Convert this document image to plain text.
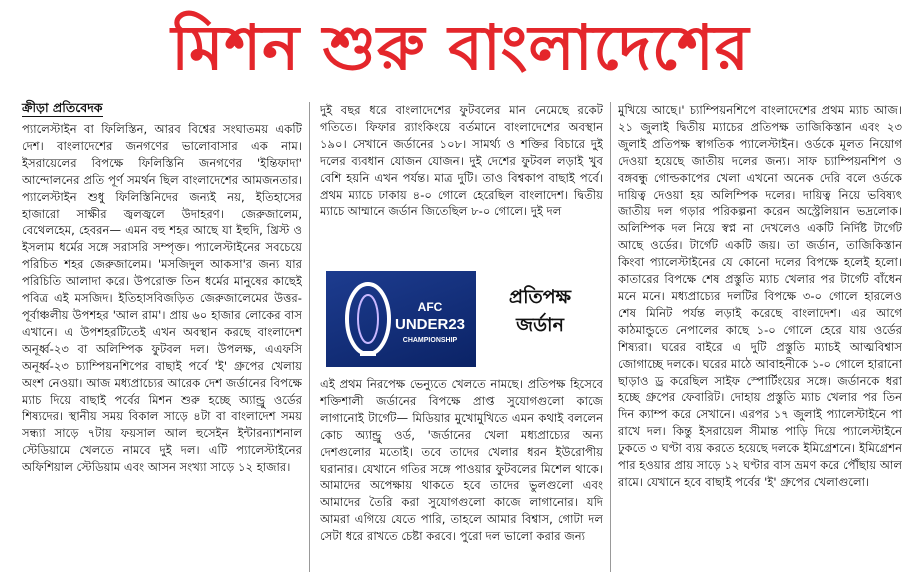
মিশন শুরু বাংলাদেশের
ক্রীড়া প্রতিবেদক

প্যালেস্টাইন বা ফিলিস্তিন, আরব বিশ্বের সংঘাতময় একটি দেশ। বাংলাদেশের জনগণের ভালোবাসার এক নাম। ইসরায়েলের বিপক্ষে ফিলিস্তিনি জনগণের 'ইন্তিফাদা' আন্দোলনের প্রতি পূর্ণ সমর্থন ছিল বাংলাদেশের আমজনতার। প্যালেস্টাইন শুধু ফিলিস্তিনিদের জন্যই নয়, ইতিহাসের হাজারো সাক্ষীর জ্বলজ্বলে উদাহরণ। জেরুজালেম, বেথেলহেম, হেবরন— এমন বহু শহর আছে যা ইহুদি, খ্রিস্ট ও ইসলাম ধর্মের সঙ্গে সরাসরি সম্পৃক্ত। প্যালেস্টাইনের সবচেয়ে পরিচিত শহর জেরুজালেম। 'মসজিদুল আকসা'র জন্য যার পরিচিতি আলাদা করে। উপরোক্ত তিন ধর্মের মানুষের কাছেই পবিত্র এই মসজিদ। ইতিহাসবিজড়িত জেরুজালেমের উত্তর-পূর্বাঞ্চলীয় উপশহর 'আল রাম'। প্রায় ৬০ হাজার লোকের বাস এখানে। এ উপশহরটিতেই এখন অবস্থান করছে বাংলাদেশ অনূর্ধ্ব-২৩ বা অলিম্পিক ফুটবল দল। উপলক্ষ, এএফসি অনূর্ধ্ব-২৩ চ্যাম্পিয়নশিপের বাছাই পর্বে 'ই' গ্রুপের খেলায় অংশ নেওয়া। আজ মধ্যপ্রাচ্যের আরেক দেশ জর্ডানের বিপক্ষে ম্যাচ দিয়ে বাছাই পর্বের মিশন শুরু হচ্ছে অ্যান্ড্রু ওর্ডের শিষ্যদের। স্থানীয় সময় বিকাল সাড়ে ৪টা বা বাংলাদেশ সময় সন্ধ্যা সাড়ে ৭টায় ফয়সাল আল হুসেইন ইন্টারন্যাশনাল স্টেডিয়ামে খেলতে নামবে দুই দল। এটি প্যালেস্টাইনের অফিশিয়াল স্টেডিয়াম এবং আসন সংখ্যা সাড়ে ১২ হাজার।

দুই বছর ধরে বাংলাদেশের ফুটবলের মান নেমেছে রকেট গতিতে। ফিফার র‍্যাংকিংয়ে বর্তমানে বাংলাদেশের অবস্থান ১৯০। সেখানে জর্ডানের ১০৮। সামর্থ্য ও শক্তির বিচারে দুই দলের ব্যবধান যোজন যোজন। দুই দেশের ফুটবল লড়াই খুব বেশি হয়নি এখন পর্যন্ত। মাত্র দুটি। তাও বিশ্বকাপ বাছাই পর্বে। প্রথম ম্যাচে ঢাকায় ৪-০ গোলে হেরেছিল বাংলাদেশ। দ্বিতীয় ম্যাচে আম্মানে জর্ডান জিতেছিল ৮-০ গোলে। দুই দল

AFC
UNDER23
CHAMPIONSHIP
প্রতিপক্ষ
জর্ডান

এই প্রথম নিরপেক্ষ ভেন্যুতে খেলতে নামছে। প্রতিপক্ষ হিসেবে শক্তিশালী জর্ডানের বিপক্ষে প্রাপ্ত সুযোগগুলো কাজে লাগানোই টার্গেট— মিডিয়ার মুখোমুখিতে এমন কথাই বললেন কোচ অ্যান্ড্রু ওর্ড, 'জর্ডানের খেলা মধ্যপ্রাচ্যের অন্য দেশগুলোর মতোই। তবে তাদের খেলার ধরন ইউরোপীয় ঘরানার। যেখানে গতির সঙ্গে পাওয়ার ফুটবলের মিশেল থাকে। আমাদের অপেক্ষায় থাকতে হবে তাদের ভুলগুলো এবং আমাদের তৈরি করা সুযোগগুলো কাজে লাগানোর। যদি আমরা এগিয়ে যেতে পারি, তাহলে আমার বিশ্বাস, গোটা দল সেটা ধরে রাখতে চেষ্টা করবে। পুরো দল ভালো করার জন্য

মুখিয়ে আছে।' চ্যাম্পিয়নশিপে বাংলাদেশের প্রথম ম্যাচ আজ। ২১ জুলাই দ্বিতীয় ম্যাচের প্রতিপক্ষ তাজিকিস্তান এবং ২৩ জুলাই প্রতিপক্ষ স্বাগতিক প্যালেস্টাইন। ওর্ডকে মূলত নিয়োগ দেওয়া হয়েছে জাতীয় দলের জন্য। সাফ চ্যাম্পিয়নশিপ ও বঙ্গবন্ধু গোল্ডকাপের খেলা এখনো অনেক দেরি বলে ওর্ডকে দায়িত্ব দেওয়া হয় অলিম্পিক দলের। দায়িত্ব নিয়ে ভবিষ্যৎ জাতীয় দল গড়ার পরিকল্পনা করেন অস্ট্রেলিয়ান ভদ্রলোক। অলিম্পিক দল নিয়ে স্বপ্ন না দেখলেও একটি নির্দিষ্ট টার্গেট আছে ওর্ডের। টার্গেট একটি জয়। তা জর্ডান, তাজিকিস্তান কিংবা প্যালেস্টাইনের যে কোনো দলের বিপক্ষে হলেই হলো। কাতারের বিপক্ষে শেষ প্রস্তুতি ম্যাচ খেলার পর টার্গেট বাঁধেন মনে মনে। মধ্যপ্রাচ্যের দলটির বিপক্ষে ৩-০ গোলে হারলেও শেষ মিনিট পর্যন্ত লড়াই করেছে বাংলাদেশ। এর আগে কাঠমান্ডুতে নেপালের কাছে ১-০ গোলে হেরে যায় ওর্ডের শিষ্যরা। ঘরের বাইরে এ দুটি প্রস্তুতি ম্যাচই আত্মবিশ্বাস জোগাচ্ছে দলকে। ঘরের মাঠে আবাহনীকে ১-০ গোলে হারানো ছাড়াও ড্র করেছিল সাইফ স্পোর্টিংয়ের সঙ্গে। জর্ডানকে ধরা হচ্ছে গ্রুপের ফেবারিট। দোহায় প্রস্তুতি ম্যাচ খেলার পর তিন দিন ক্যাম্প করে সেখানে। এরপর ১৭ জুলাই প্যালেস্টাইনে পা রাখে দল। কিন্তু ইসরায়েল সীমান্ত পাড়ি দিয়ে প্যালেস্টাইনে ঢুকতে ৩ ঘণ্টা ব্যয় করতে হয়েছে দলকে ইমিগ্রেশনে। ইমিগ্রেশন পার হওয়ার প্রায় সাড়ে ১২ ঘণ্টার বাস ভ্রমণ করে পৌঁছায় আল রামে। যেখানে হবে বাছাই পর্বের 'ই' গ্রুপের খেলাগুলো।
